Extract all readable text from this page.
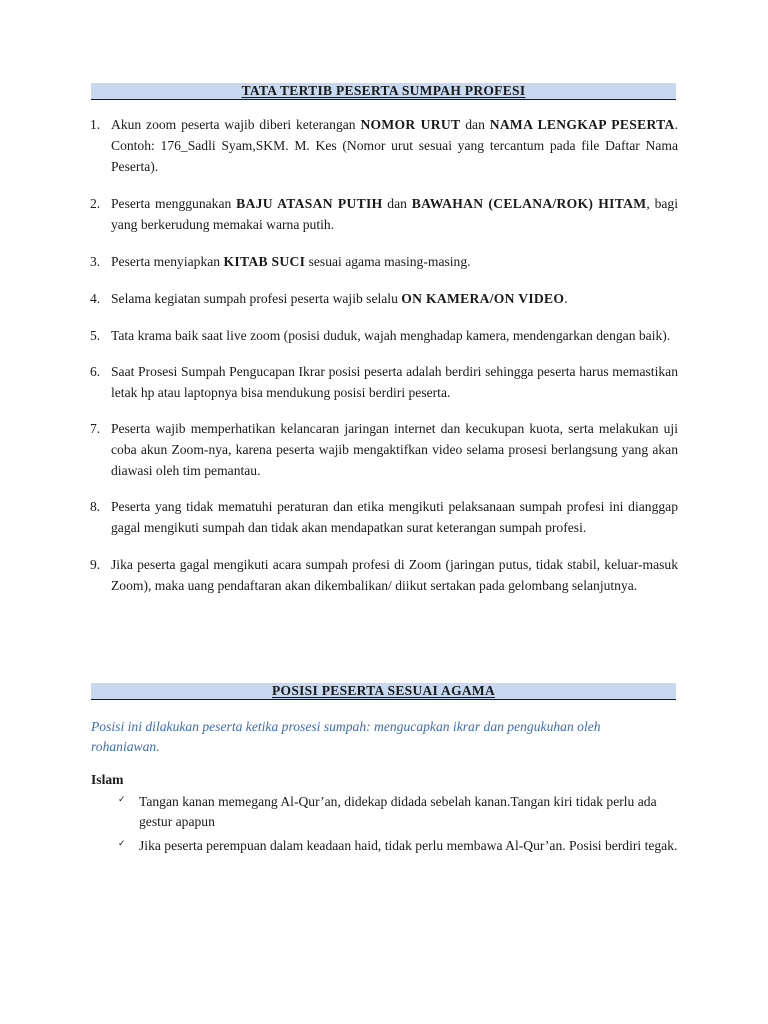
TATA TERTIB PESERTA SUMPAH PROFESI
1. Akun zoom peserta wajib diberi keterangan NOMOR URUT dan NAMA LENGKAP PESERTA. Contoh: 176_Sadli Syam,SKM. M. Kes (Nomor urut sesuai yang tercantum pada file Daftar Nama Peserta).
2. Peserta menggunakan BAJU ATASAN PUTIH dan BAWAHAN (CELANA/ROK) HITAM, bagi yang berkerudung memakai warna putih.
3. Peserta menyiapkan KITAB SUCI sesuai agama masing-masing.
4. Selama kegiatan sumpah profesi peserta wajib selalu ON KAMERA/ON VIDEO.
5. Tata krama baik saat live zoom (posisi duduk, wajah menghadap kamera, mendengarkan dengan baik).
6. Saat Prosesi Sumpah Pengucapan Ikrar posisi peserta adalah berdiri sehingga peserta harus memastikan letak hp atau laptopnya bisa mendukung posisi berdiri peserta.
7. Peserta wajib memperhatikan kelancaran jaringan internet dan kecukupan kuota, serta melakukan uji coba akun Zoom-nya, karena peserta wajib mengaktifkan video selama prosesi berlangsung yang akan diawasi oleh tim pemantau.
8. Peserta yang tidak mematuhi peraturan dan etika mengikuti pelaksanaan sumpah profesi ini dianggap gagal mengikuti sumpah dan tidak akan mendapatkan surat keterangan sumpah profesi.
9. Jika peserta gagal mengikuti acara sumpah profesi di Zoom (jaringan putus, tidak stabil, keluar-masuk Zoom), maka uang pendaftaran akan dikembalikan/ diikut sertakan pada gelombang selanjutnya.
POSISI PESERTA SESUAI AGAMA
Posisi ini dilakukan peserta ketika prosesi sumpah: mengucapkan ikrar dan pengukuhan oleh rohaniawan.
Islam
✓ Tangan kanan memegang Al-Qur’an, didekap didada sebelah kanan.Tangan kiri tidak perlu ada gestur apapun
✓ Jika peserta perempuan dalam keadaan haid, tidak perlu membawa Al-Qur’an. Posisi berdiri tegak.
